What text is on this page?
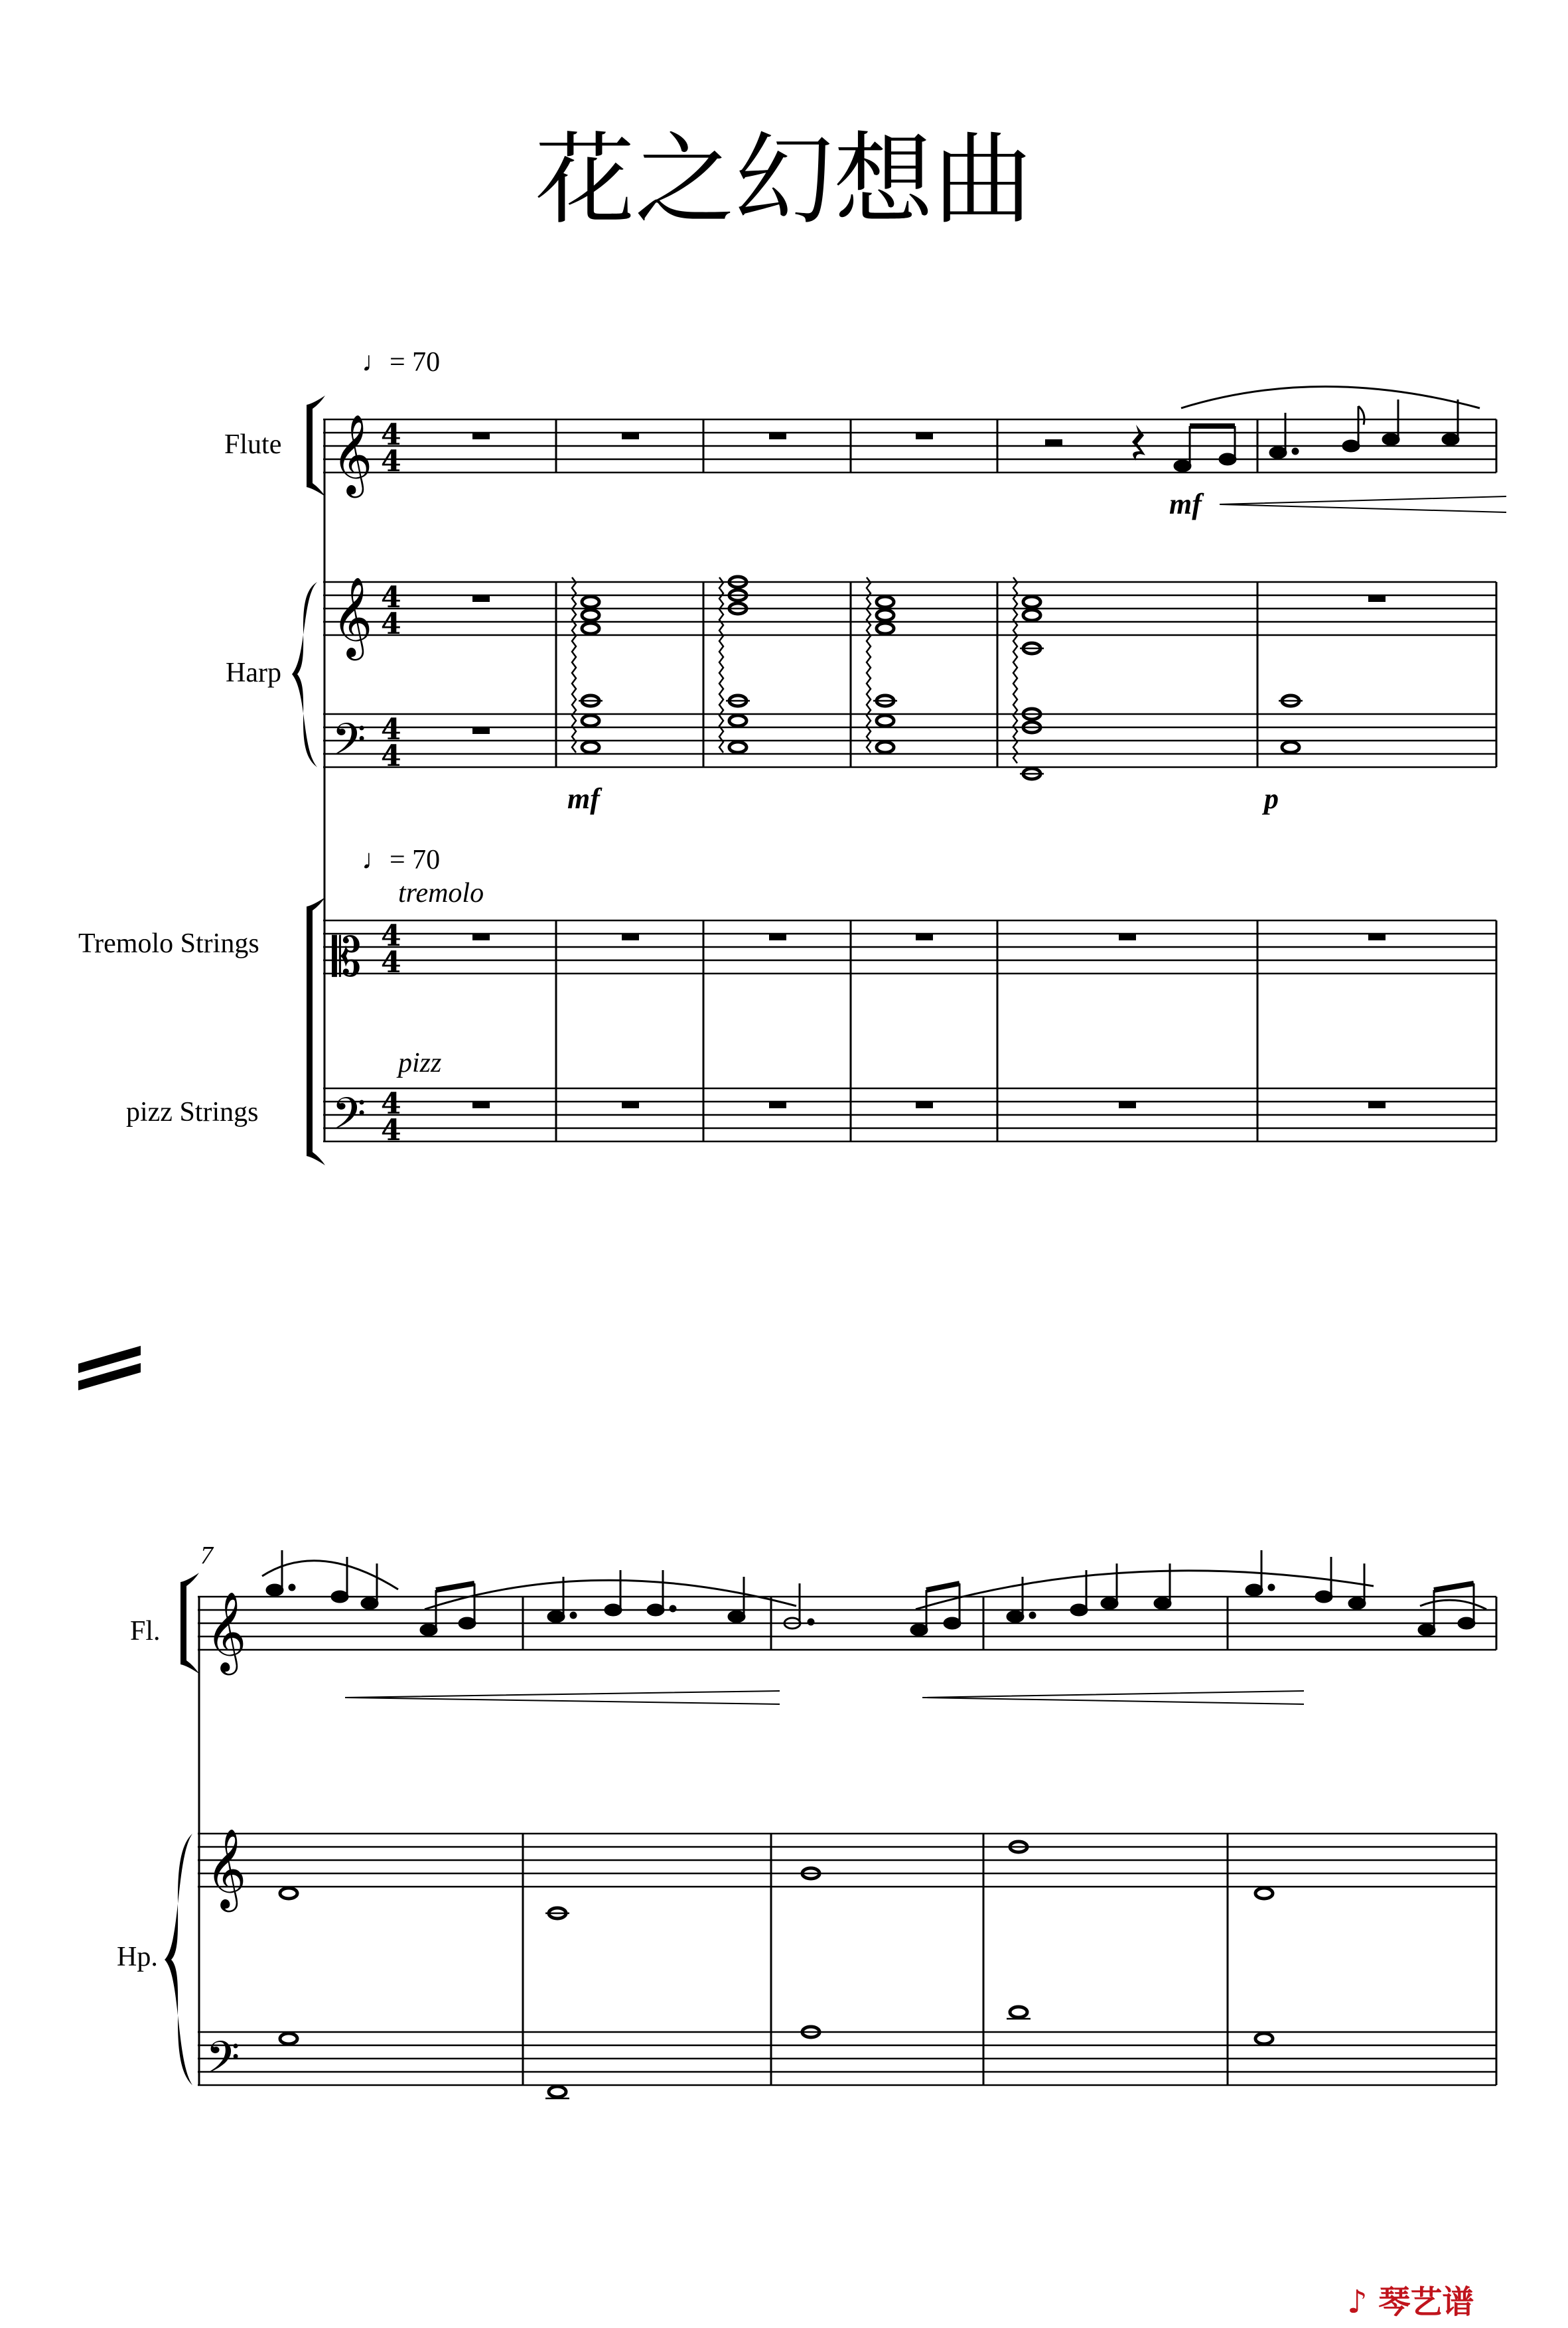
花之幻想曲
Flute
Harp
Tremolo Strings
pizz Strings
Fl.
Hp.
♩= 70
♩= 70
tremolo
pizz
mf
mf	p
7
♪ 琴艺谱
𝄞
𝄞
𝄢
𝄡
𝄢
𝄞
𝄞
𝄢
4
4
4
4
4
4
4
4
4
4
